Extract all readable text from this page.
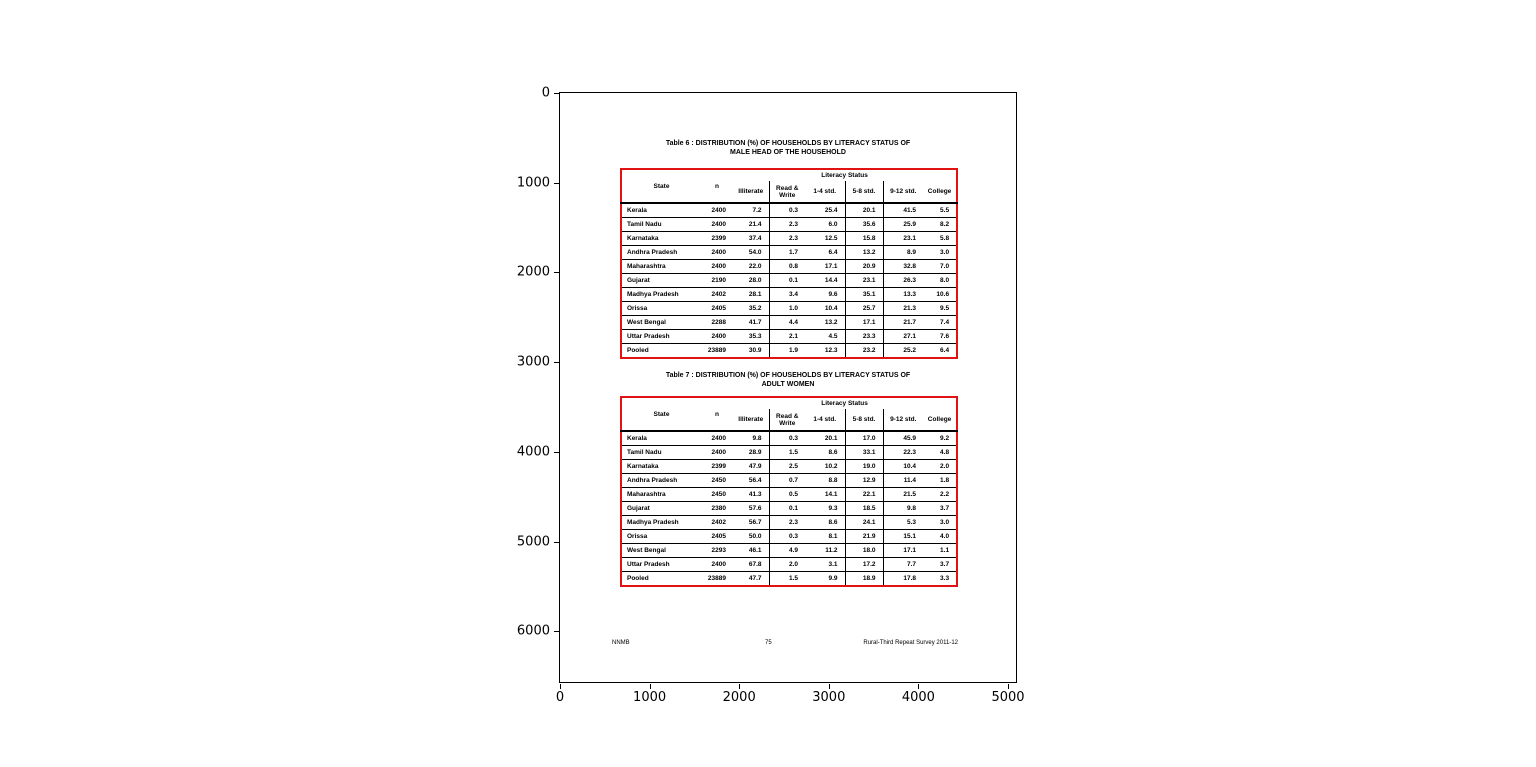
Table 6 : DISTRIBUTION (%) OF HOUSEHOLDS BY LITERACY STATUS OF
MALE HEAD OF THE HOUSEHOLD
State	n	Literacy Status					
		Illiterate	Read & Write	1-4 std.	5-8 std.	9-12 std.	College
Kerala	2400	7.2	0.3	25.4	20.1	41.5	5.5
Tamil Nadu	2400	21.4	2.3	6.0	35.6	25.9	8.2
Karnataka	2399	37.4	2.3	12.5	15.8	23.1	5.8
Andhra Pradesh	2400	54.0	1.7	6.4	13.2	8.9	3.0
Maharashtra	2400	22.0	0.8	17.1	20.9	32.8	7.0
Gujarat	2190	28.0	0.1	14.4	23.1	26.3	8.0
Madhya Pradesh	2402	28.1	3.4	9.6	35.1	13.3	10.6
Orissa	2405	35.2	1.0	10.4	25.7	21.3	9.5
West Bengal	2288	41.7	4.4	13.2	17.1	21.7	7.4
Uttar Pradesh	2400	35.3	2.1	4.5	23.3	27.1	7.6
Pooled	23889	30.9	1.9	12.3	23.2	25.2	6.4
Table 7 : DISTRIBUTION (%) OF HOUSEHOLDS BY LITERACY STATUS OF
ADULT WOMEN
State	n	Literacy Status					
		Illiterate	Read & Write	1-4 std.	5-8 std.	9-12 std.	College
Kerala	2400	9.8	0.3	20.1	17.0	45.9	9.2
Tamil Nadu	2400	28.9	1.5	8.6	33.1	22.3	4.8
Karnataka	2399	47.9	2.5	10.2	19.0	10.4	2.0
Andhra Pradesh	2450	56.4	0.7	8.8	12.9	11.4	1.8
Maharashtra	2450	41.3	0.5	14.1	22.1	21.5	2.2
Gujarat	2380	57.6	0.1	9.3	18.5	9.8	3.7
Madhya Pradesh	2402	56.7	2.3	8.6	24.1	5.3	3.0
Orissa	2405	50.0	0.3	8.1	21.9	15.1	4.0
West Bengal	2293	46.1	4.9	11.2	18.0	17.1	1.1
Uttar Pradesh	2400	67.8	2.0	3.1	17.2	7.7	3.7
Pooled	23889	47.7	1.5	9.9	18.9	17.8	3.3
NNMB	75	Rural-Third Repeat Survey 2011-12
0
1000
2000
3000
4000
5000
6000
0	1000	2000	3000	4000	5000
